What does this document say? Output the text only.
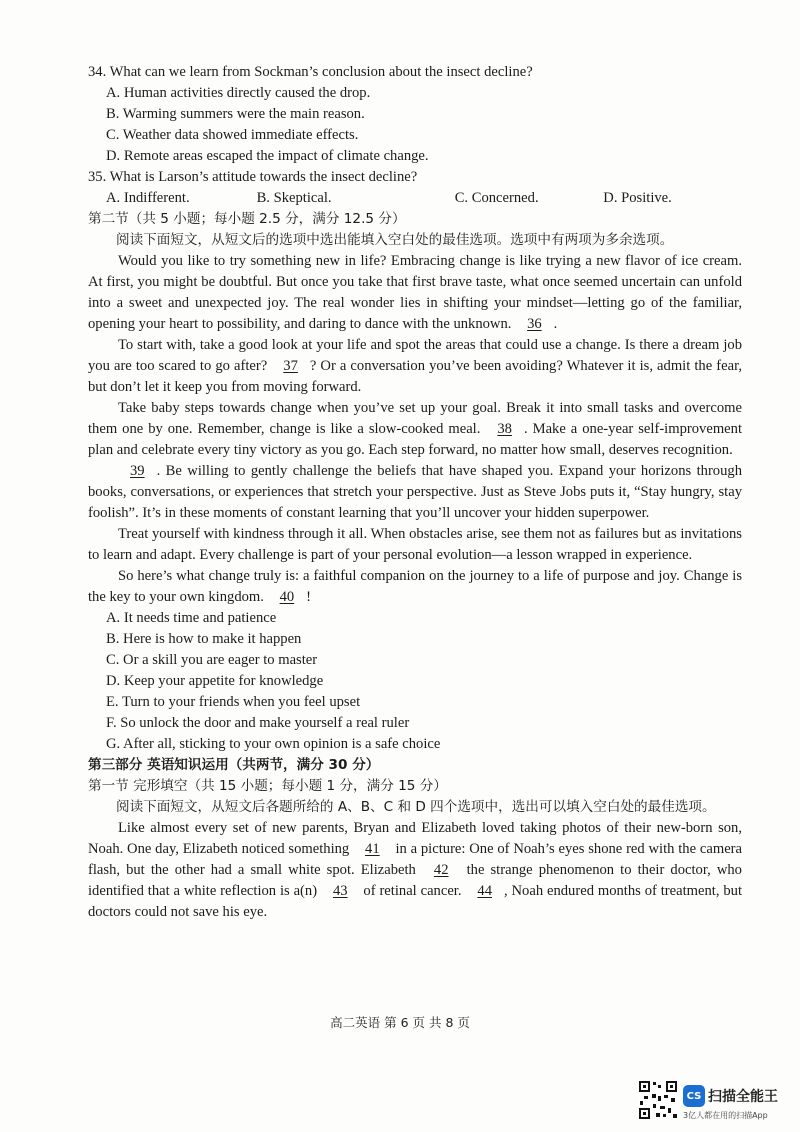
34. What can we learn from Sockman’s conclusion about the insect decline?

A. Human activities directly caused the drop.

B. Warming summers were the main reason.

C. Weather data showed immediate effects.

D. Remote areas escaped the impact of climate change.

35. What is Larson’s attitude towards the insect decline?

A. Indifferent.	B. Skeptical.	C. Concerned.	D. Positive.

第二节（共 5 小题；每小题 2.5 分，满分 12.5 分）

阅读下面短文，从短文后的选项中选出能填入空白处的最佳选项。选项中有两项为多余选项。

Would you like to try something new in life? Embracing change is like trying a new flavor of ice cream. At first, you might be doubtful. But once you take that first brave taste, what once seemed uncertain can unfold into a sweet and unexpected joy. The real wonder lies in shifting your mindset—letting go of the familiar, opening your heart to possibility, and daring to dance with the unknown. 36 .

To start with, take a good look at your life and spot the areas that could use a change. Is there a dream job you are too scared to go after? 37 ? Or a conversation you’ve been avoiding? Whatever it is, admit the fear, but don’t let it keep you from moving forward.

Take baby steps towards change when you’ve set up your goal. Break it into small tasks and overcome them one by one. Remember, change is like a slow-cooked meal. 38 . Make a one-year self-improvement plan and celebrate every tiny victory as you go. Each step forward, no matter how small, deserves recognition.

39 . Be willing to gently challenge the beliefs that have shaped you. Expand your horizons through books, conversations, or experiences that stretch your perspective. Just as Steve Jobs puts it, “Stay hungry, stay foolish”. It’s in these moments of constant learning that you’ll uncover your hidden superpower.

Treat yourself with kindness through it all. When obstacles arise, see them not as failures but as invitations to learn and adapt. Every challenge is part of your personal evolution—a lesson wrapped in experience.

So here’s what change truly is: a faithful companion on the journey to a life of purpose and joy. Change is the key to your own kingdom. 40 !

A. It needs time and patience

B. Here is how to make it happen

C. Or a skill you are eager to master

D. Keep your appetite for knowledge

E. Turn to your friends when you feel upset

F. So unlock the door and make yourself a real ruler

G. After all, sticking to your own opinion is a safe choice

第三部分 英语知识运用（共两节，满分 30 分）

第一节 完形填空（共 15 小题；每小题 1 分，满分 15 分）

阅读下面短文，从短文后各题所给的 A、B、C 和 D 四个选项中，选出可以填入空白处的最佳选项。

Like almost every set of new parents, Bryan and Elizabeth loved taking photos of their new-born son, Noah. One day, Elizabeth noticed something 41 in a picture: One of Noah’s eyes shone red with the camera flash, but the other had a small white spot. Elizabeth 42 the strange phenomenon to their doctor, who identified that a white reflection is a(n) 43 of retinal cancer. 44 , Noah endured months of treatment, but doctors could not save his eye.

高二英语 第 6 页 共 8 页
CS 扫描全能王
3亿人都在用的扫描App
